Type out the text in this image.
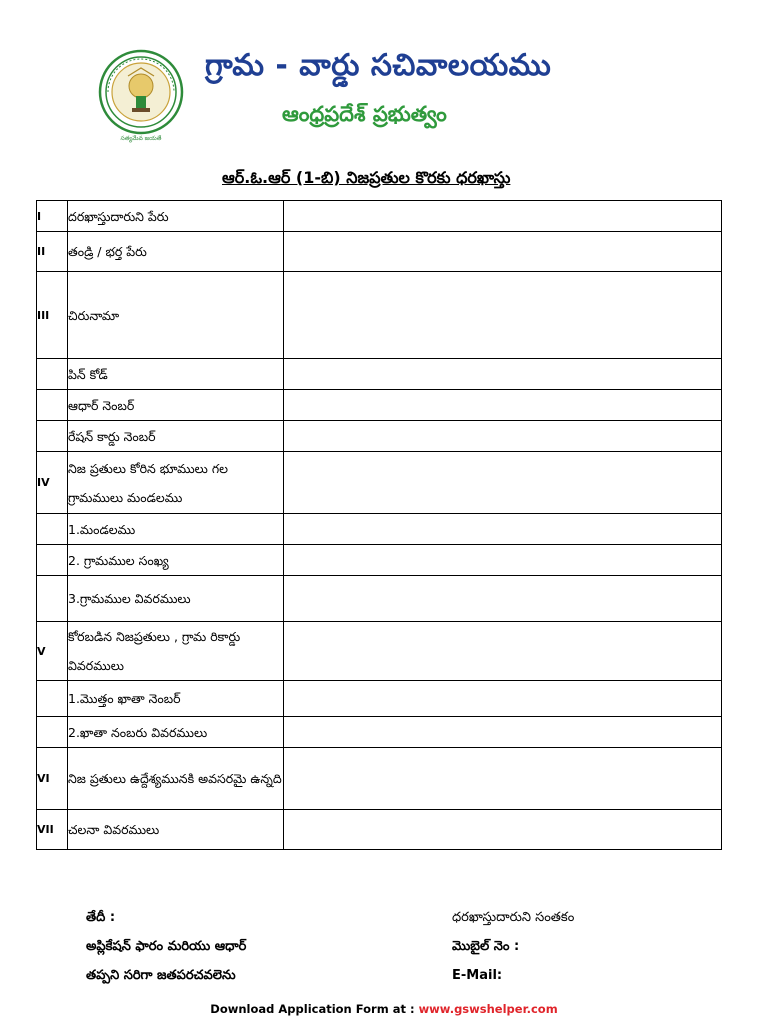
సత్యమేవ జయతే
గ్రామ - వార్డు సచివాలయము
ఆంధ్రప్రదేశ్ ప్రభుత్వం
ఆర్.ఓ.ఆర్ (1-బి) నిజప్రతుల కొరకు ధరఖాస్తు
I	దరఖాస్తుదారుని పేరు	
II	తండ్రి / భర్త పేరు	
III	చిరునామా	
	పిన్ కోడ్	
	ఆధార్ నెంబర్	
	రేషన్ కార్డు నెంబర్	
IV	నిజ ప్రతులు కోరిన భూములు గల గ్రామములు మండలము	
	1.మండలము	
	2. గ్రామముల సంఖ్య	
	3.గ్రామముల వివరములు	
V	కోరబడిన నిజప్రతులు , గ్రామ రికార్డు వివరములు	
	1.మొత్తం ఖాతా నెంబర్	
	2.ఖాతా నంబరు వివరములు	
VI	నిజ ప్రతులు ఉద్దేశ్యమునకి అవసరమై ఉన్నది	
VII	చలనా వివరములు	
తేదీ :	ధరఖాస్తుదారుని సంతకం
అప్లికేషన్ ఫారం మరియు ఆధార్	మొబైల్ నెం :
తప్పని సరిగా జతపరచవలెను	E-Mail:
Download Application Form at : www.gswshelper.com
